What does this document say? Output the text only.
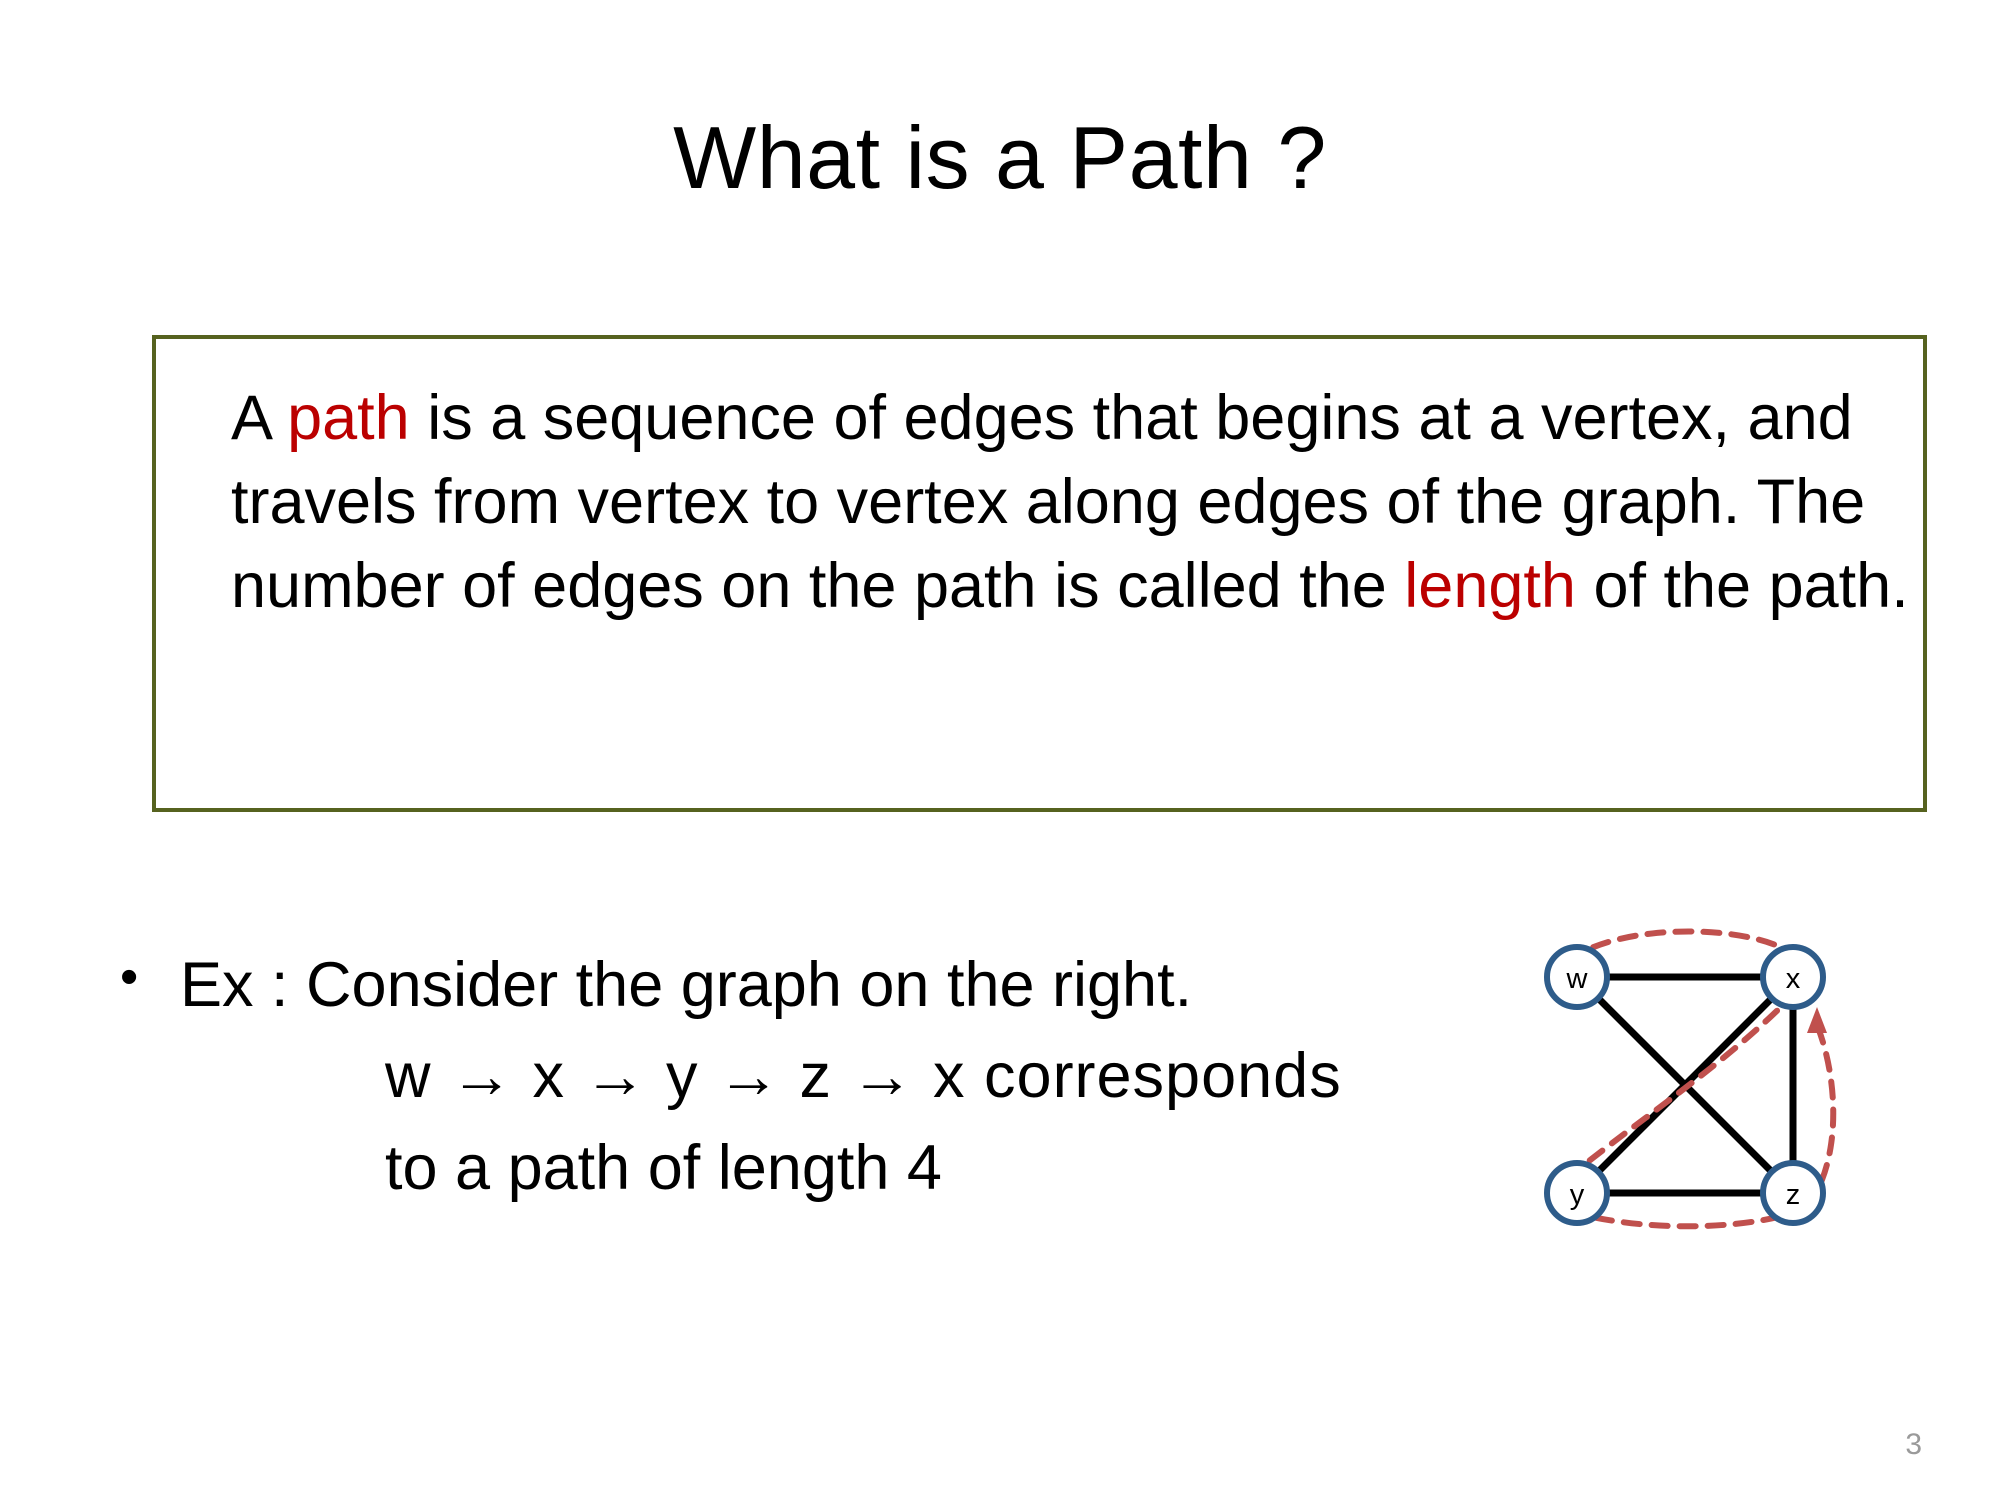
What is a Path ?
A path is a sequence of edges that begins at a vertex, and travels from vertex to vertex along edges of the graph. The number of edges on the path is called the length of the path.
• Ex : Consider the graph on the right.
w → x → y → z → x corresponds
to a path of length 4
w	x
y	z
3
